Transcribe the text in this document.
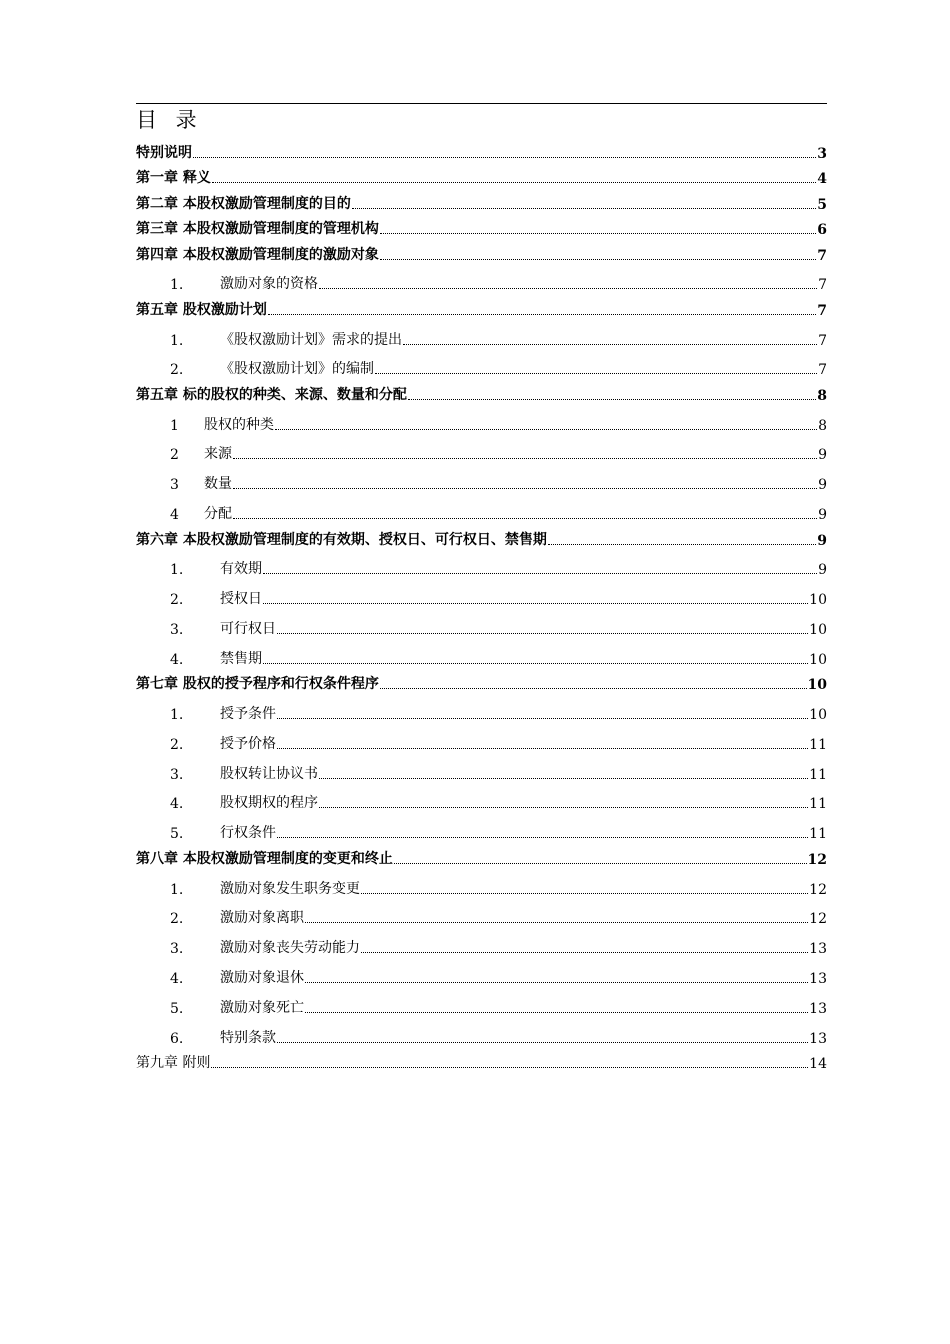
目 录
特别说明	3
第一章 释义	4
第二章 本股权激励管理制度的目的	5
第三章 本股权激励管理制度的管理机构	6
第四章 本股权激励管理制度的激励对象	7
1.	激励对象的资格	7
第五章 股权激励计划	7
1.	《股权激励计划》需求的提出	7
2.	《股权激励计划》的编制	7
第五章 标的股权的种类、来源、数量和分配	8
1	股权的种类	8
2	来源	9
3	数量	9
4	分配	9
第六章 本股权激励管理制度的有效期、授权日、可行权日、禁售期	9
1.	有效期	9
2.	授权日	10
3.	可行权日	10
4.	禁售期	10
第七章 股权的授予程序和行权条件程序	10
1.	授予条件	10
2.	授予价格	11
3.	股权转让协议书	11
4.	股权期权的程序	11
5.	行权条件	11
第八章 本股权激励管理制度的变更和终止	12
1.	激励对象发生职务变更	12
2.	激励对象离职	12
3.	激励对象丧失劳动能力	13
4.	激励对象退休	13
5.	激励对象死亡	13
6.	特别条款	13
第九章 附则	14
